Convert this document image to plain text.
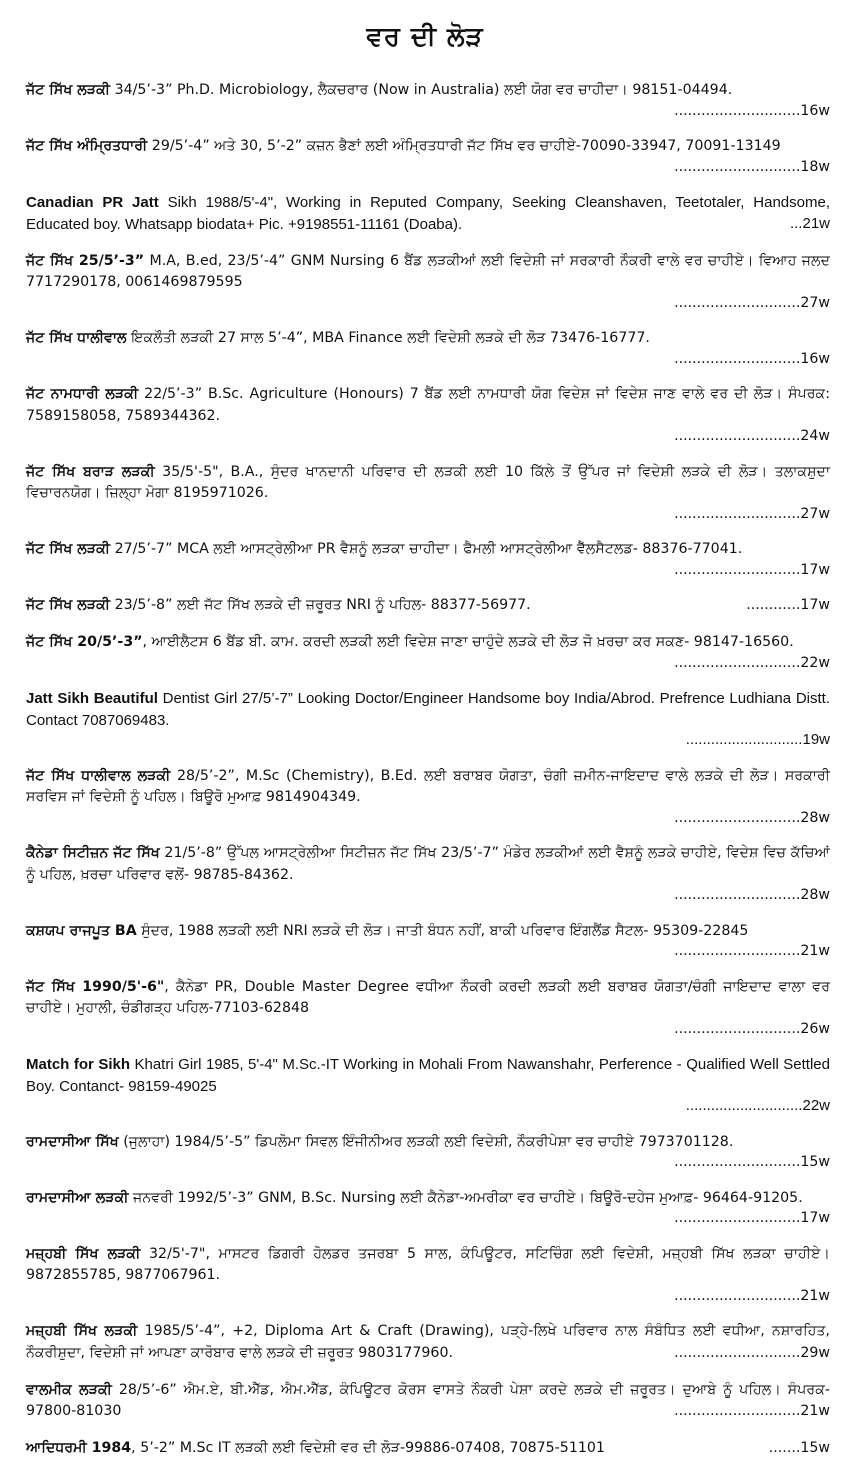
ਵਰ ਦੀ ਲੋੜ
ਜੱਟ ਸਿੱਖ ਲੜਕੀ 34/5’-3” Ph.D. Microbiology, ਲੈਕਚਰਾਰ (Now in Australia) ਲਈ ਯੋਗ ਵਰ ਚਾਹੀਦਾ। 98151-04494.
............................16w
ਜੱਟ ਸਿੱਖ ਅੰਮ੍ਰਿਤਧਾਰੀ 29/5’-4” ਅਤੇ 30, 5’-2” ਕਜ਼ਨ ਭੈਣਾਂ ਲਈ ਅੰਮ੍ਰਿਤਧਾਰੀ ਜੱਟ ਸਿੱਖ ਵਰ ਚਾਹੀਏ-70090-33947, 70091-13149
............................18w
Canadian PR Jatt Sikh 1988/5'-4", Working in Reputed Company, Seeking Cleanshaven, Teetotaler, Handsome, Educated boy. Whatsapp biodata+ Pic. +9198551-11161 (Doaba).	...21w
ਜੱਟ ਸਿੱਖ 25/5’-3” M.A, B.ed, 23/5’-4” GNM Nursing 6 ਬੈਂਡ ਲੜਕੀਆਂ ਲਈ ਵਿਦੇਸ਼ੀ ਜਾਂ ਸਰਕਾਰੀ ਨੌਕਰੀ ਵਾਲੇ ਵਰ ਚਾਹੀਏ। ਵਿਆਹ ਜਲਦ 7717290178, 0061469879595
............................27w
ਜੱਟ ਸਿੱਖ ਧਾਲੀਵਾਲ ਇਕਲੌਤੀ ਲੜਕੀ 27 ਸਾਲ 5’-4”, MBA Finance ਲਈ ਵਿਦੇਸ਼ੀ ਲੜਕੇ ਦੀ ਲੋੜ 73476-16777.
............................16w
ਜੱਟ ਨਾਮਧਾਰੀ ਲੜਕੀ 22/5’-3” B.Sc. Agriculture (Honours) 7 ਬੈਂਡ ਲਈ ਨਾਮਧਾਰੀ ਯੋਗ ਵਿਦੇਸ਼ ਜਾਂ ਵਿਦੇਸ਼ ਜਾਣ ਵਾਲੇ ਵਰ ਦੀ ਲੋੜ। ਸੰਪਰਕ: 7589158058, 7589344362.
............................24w
ਜੱਟ ਸਿੱਖ ਬਰਾੜ ਲੜਕੀ 35/5'-5", B.A., ਸੁੰਦਰ ਖਾਨਦਾਨੀ ਪਰਿਵਾਰ ਦੀ ਲੜਕੀ ਲਈ 10 ਕਿੱਲੇ ਤੋਂ ਉੱਪਰ ਜਾਂ ਵਿਦੇਸ਼ੀ ਲੜਕੇ ਦੀ ਲੋੜ। ਤਲਾਕਸ਼ੁਦਾ ਵਿਚਾਰਨਯੋਗ। ਜ਼ਿਲ੍ਹਾ ਮੋਗਾ 8195971026.
............................27w
ਜੱਟ ਸਿੱਖ ਲੜਕੀ 27/5’-7” MCA ਲਈ ਆਸਟ੍ਰੇਲੀਆ PR ਵੈਸ਼ਨੂੰ ਲੜਕਾ ਚਾਹੀਦਾ। ਫੈਮਲੀ ਆਸਟ੍ਰੇਲੀਆ ਵੈੱਲਸੈਟਲਡ- 88376-77041.
............................17w
ਜੱਟ ਸਿੱਖ ਲੜਕੀ 23/5’-8” ਲਈ ਜੱਟ ਸਿੱਖ ਲੜਕੇ ਦੀ ਜ਼ਰੂਰਤ NRI ਨੂੰ ਪਹਿਲ- 88377-56977.	............17w
ਜੱਟ ਸਿੱਖ 20/5’-3”, ਆਈਲੈਟਸ 6 ਬੈਂਡ ਬੀ. ਕਾਮ. ਕਰਦੀ ਲੜਕੀ ਲਈ ਵਿਦੇਸ਼ ਜਾਣਾ ਚਾਹੁੰਦੇ ਲੜਕੇ ਦੀ ਲੋੜ ਜੋ ਖ਼ਰਚਾ ਕਰ ਸਕਣ- 98147-16560.
............................22w
Jatt Sikh Beautiful Dentist Girl 27/5’-7” Looking Doctor/Engineer Handsome boy India/Abrod. Prefrence Ludhiana Distt. Contact 7087069483.
............................19w
ਜੱਟ ਸਿੱਖ ਧਾਲੀਵਾਲ ਲੜਕੀ 28/5’-2”, M.Sc (Chemistry), B.Ed. ਲਈ ਬਰਾਬਰ ਯੋਗਤਾ, ਚੰਗੀ ਜ਼ਮੀਨ-ਜਾਇਦਾਦ ਵਾਲੇ ਲੜਕੇ ਦੀ ਲੋੜ। ਸਰਕਾਰੀ ਸਰਵਿਸ ਜਾਂ ਵਿਦੇਸ਼ੀ ਨੂੰ ਪਹਿਲ। ਬਿਊਰੋ ਮੁਆਫ਼ 9814904349.
............................28w
ਕੈਨੇਡਾ ਸਿਟੀਜ਼ਨ ਜੱਟ ਸਿੱਖ 21/5’-8” ਉੱਪਲ ਆਸਟ੍ਰੇਲੀਆ ਸਿਟੀਜ਼ਨ ਜੱਟ ਸਿੱਖ 23/5’-7” ਮੰਡੇਰ ਲੜਕੀਆਂ ਲਈ ਵੈਸ਼ਨੂੰ ਲੜਕੇ ਚਾਹੀਏ, ਵਿਦੇਸ਼ ਵਿਚ ਕੱਚਿਆਂ ਨੂੰ ਪਹਿਲ, ਖ਼ਰਚਾ ਪਰਿਵਾਰ ਵਲੋਂ- 98785-84362.
............................28w
ਕਸ਼ਯਪ ਰਾਜਪੂਤ BA ਸੁੰਦਰ, 1988 ਲੜਕੀ ਲਈ NRI ਲੜਕੇ ਦੀ ਲੋੜ। ਜਾਤੀ ਬੰਧਨ ਨਹੀਂ, ਬਾਕੀ ਪਰਿਵਾਰ ਇੰਗਲੈਂਡ ਸੈਟਲ- 95309-22845
............................21w
ਜੱਟ ਸਿੱਖ 1990/5'-6", ਕੈਨੇਡਾ PR, Double Master Degree ਵਧੀਆ ਨੌਕਰੀ ਕਰਦੀ ਲੜਕੀ ਲਈ ਬਰਾਬਰ ਯੋਗਤਾ/ਚੰਗੀ ਜਾਇਦਾਦ ਵਾਲਾ ਵਰ ਚਾਹੀਏ। ਮੁਹਾਲੀ, ਚੰਡੀਗੜ੍ਹ ਪਹਿਲ-77103-62848
............................26w
Match for Sikh Khatri Girl 1985, 5'-4" M.Sc.-IT Working in Mohali From Nawanshahr, Perference - Qualified Well Settled Boy. Contanct- 98159-49025
............................22w
ਰਾਮਦਾਸੀਆ ਸਿੱਖ (ਜੁਲਾਹਾ) 1984/5’-5” ਡਿਪਲੋਮਾ ਸਿਵਲ ਇੰਜੀਨੀਅਰ ਲੜਕੀ ਲਈ ਵਿਦੇਸ਼ੀ, ਨੌਕਰੀਪੇਸ਼ਾ ਵਰ ਚਾਹੀਏ 7973701128.
............................15w
ਰਾਮਦਾਸੀਆ ਲੜਕੀ ਜਨਵਰੀ 1992/5’-3” GNM, B.Sc. Nursing ਲਈ ਕੈਨੇਡਾ-ਅਮਰੀਕਾ ਵਰ ਚਾਹੀਏ। ਬਿਊਰੋ-ਦਹੇਜ ਮੁਆਫ਼- 96464-91205.
............................17w
ਮਜ਼੍ਹਬੀ ਸਿੱਖ ਲੜਕੀ 32/5'-7", ਮਾਸਟਰ ਡਿਗਰੀ ਹੋਲਡਰ ਤਜਰਬਾ 5 ਸਾਲ, ਕੰਪਿਊਟਰ, ਸਟਿਚਿੰਗ ਲਈ ਵਿਦੇਸ਼ੀ, ਮਜ਼੍ਹਬੀ ਸਿੱਖ ਲੜਕਾ ਚਾਹੀਏ। 9872855785, 9877067961.
............................21w
ਮਜ਼੍ਹਬੀ ਸਿੱਖ ਲੜਕੀ 1985/5’-4”, +2, Diploma Art & Craft (Drawing), ਪੜ੍ਹੇ-ਲਿਖੇ ਪਰਿਵਾਰ ਨਾਲ ਸੰਬੰਧਿਤ ਲਈ ਵਧੀਆ, ਨਸ਼ਾਰਹਿਤ, ਨੌਕਰੀਸ਼ੁਦਾ, ਵਿਦੇਸ਼ੀ ਜਾਂ ਆਪਣਾ ਕਾਰੋਬਾਰ ਵਾਲੇ ਲੜਕੇ ਦੀ ਜ਼ਰੂਰਤ 9803177960.	............................29w
ਵਾਲਮੀਕ ਲੜਕੀ 28/5’-6” ਐਮ.ਏ, ਬੀ.ਐੱਡ, ਐਮ.ਐੱਡ, ਕੰਪਿਊਟਰ ਕੋਰਸ ਵਾਸਤੇ ਨੌਕਰੀ ਪੇਸ਼ਾ ਕਰਦੇ ਲੜਕੇ ਦੀ ਜ਼ਰੂਰਤ। ਦੁਆਬੇ ਨੂੰ ਪਹਿਲ। ਸੰਪਰਕ- 97800-81030	............................21w
ਆਦਿਧਰਮੀ 1984, 5’-2” M.Sc IT ਲੜਕੀ ਲਈ ਵਿਦੇਸ਼ੀ ਵਰ ਦੀ ਲੋੜ-99886-07408, 70875-51101	.......15w
